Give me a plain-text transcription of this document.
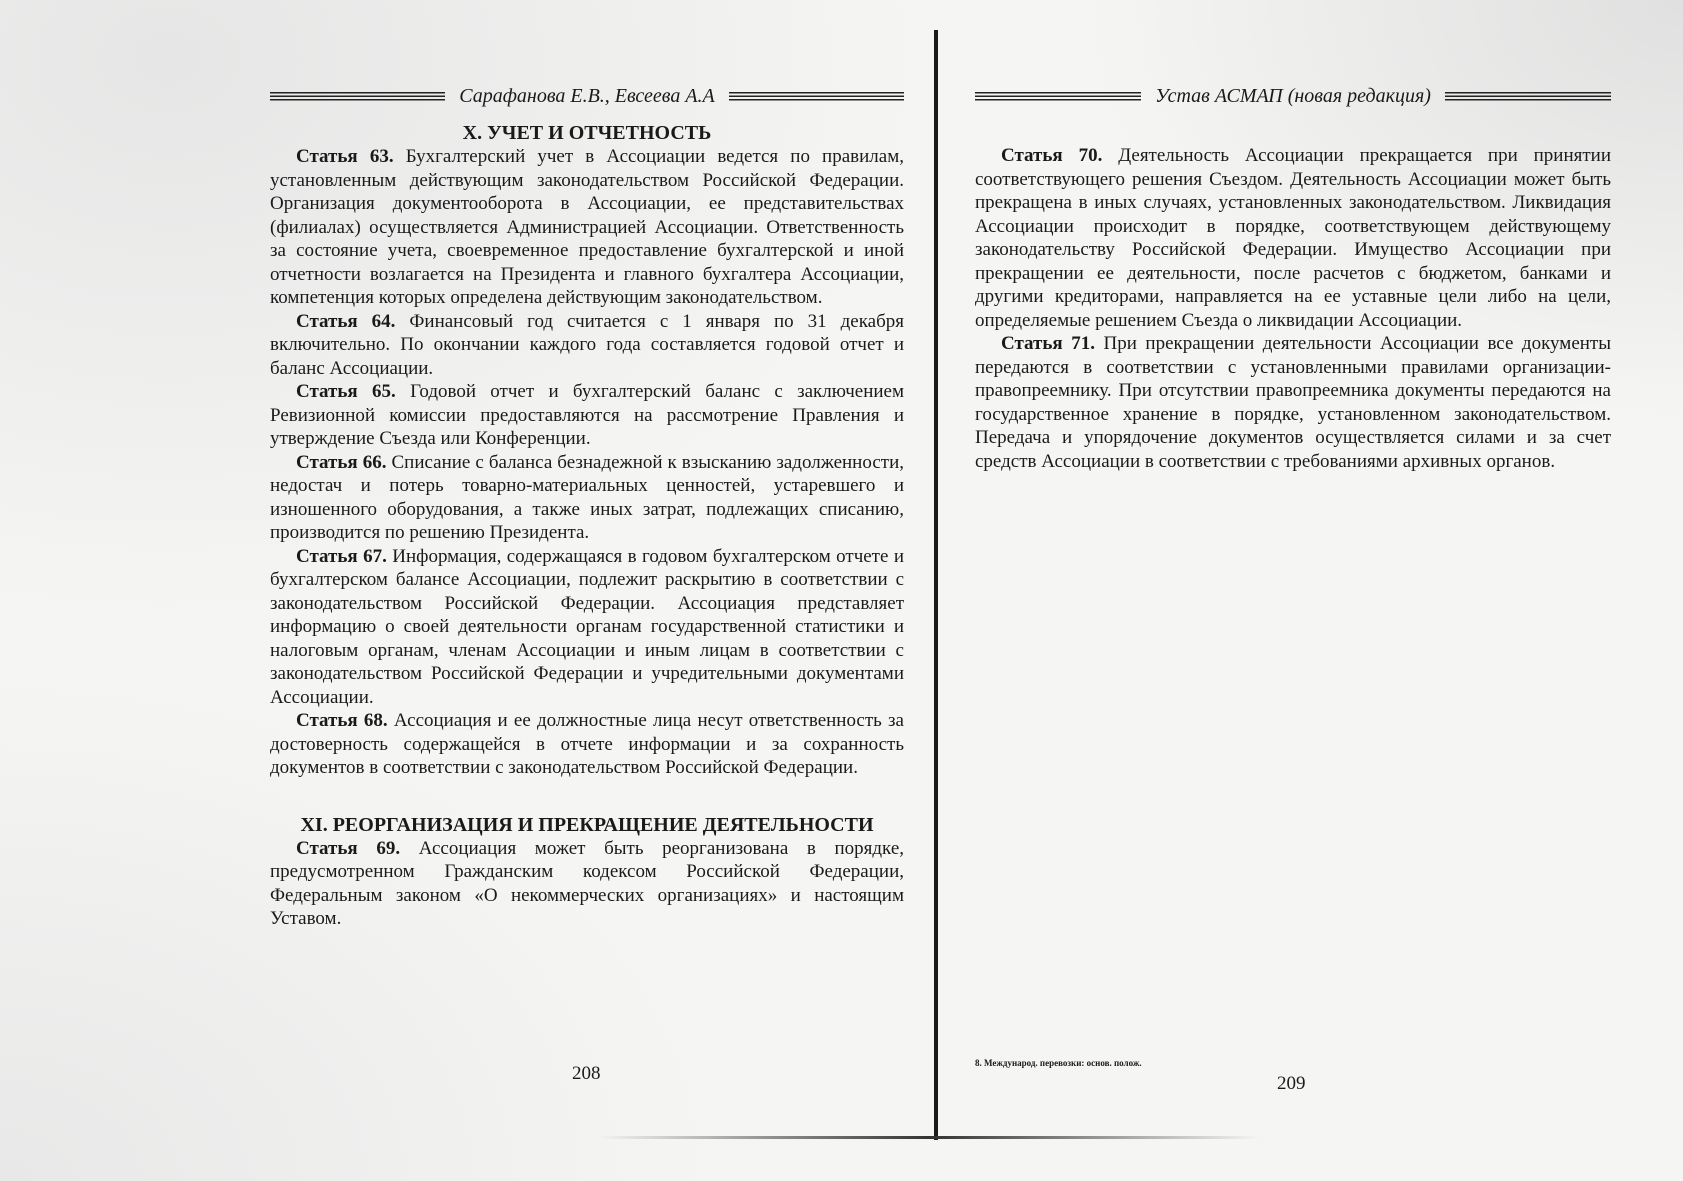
Сарафанова Е.В., Евсеева А.А
X. УЧЕТ И ОТЧЕТНОСТЬ

Статья 63. Бухгалтерский учет в Ассоциации ведется по правилам, установленным действующим законодательством Российской Федерации. Организация документооборота в Ассоциации, ее представительствах (филиалах) осуществляется Администрацией Ассоциации. Ответственность за состояние учета, своевременное предоставление бухгалтерской и иной отчетности возлагается на Президента и главного бухгалтера Ассоциации, компетенция которых определена действующим законодательством.

Статья 64. Финансовый год считается с 1 января по 31 декабря включительно. По окончании каждого года составляется годовой отчет и баланс Ассоциации.

Статья 65. Годовой отчет и бухгалтерский баланс с заключением Ревизионной комиссии предоставляются на рассмотрение Правления и утверждение Съезда или Конференции.

Статья 66. Списание с баланса безнадежной к взысканию задолженности, недостач и потерь товарно-материальных ценностей, устаревшего и изношенного оборудования, а также иных затрат, подлежащих списанию, производится по решению Президента.

Статья 67. Информация, содержащаяся в годовом бухгалтерском отчете и бухгалтерском балансе Ассоциации, подлежит раскрытию в соответствии с законодательством Российской Федерации. Ассоциация представляет информацию о своей деятельности органам государственной статистики и налоговым органам, членам Ассоциации и иным лицам в соответствии с законодательством Российской Федерации и учредительными документами Ассоциации.

Статья 68. Ассоциация и ее должностные лица несут ответственность за достоверность содержащейся в отчете информации и за сохранность документов в соответствии с законодательством Российской Федерации.

XI. РЕОРГАНИЗАЦИЯ И ПРЕКРАЩЕНИЕ ДЕЯТЕЛЬНОСТИ

Статья 69. Ассоциация может быть реорганизована в порядке, предусмотренном Гражданским кодексом Российской Федерации, Федеральным законом «О некоммерческих организациях» и настоящим Уставом.

208
Устав АСМАП (новая редакция)

Статья 70. Деятельность Ассоциации прекращается при принятии соответствующего решения Съездом. Деятельность Ассоциации может быть прекращена в иных случаях, установленных законодательством. Ликвидация Ассоциации происходит в порядке, соответствующем действующему законодательству Российской Федерации. Имущество Ассоциации при прекращении ее деятельности, после расчетов с бюджетом, банками и другими кредиторами, направляется на ее уставные цели либо на цели, определяемые решением Съезда о ликвидации Ассоциации.

Статья 71. При прекращении деятельности Ассоциации все документы передаются в соответствии с установленными правилами организации-правопреемнику. При отсутствии правопреемника документы передаются на государственное хранение в порядке, установленном законодательством. Передача и упорядочение документов осуществляется силами и за счет средств Ассоциации в соответствии с требованиями архивных органов.

8. Международ. перевозки: основ. полож.
209
